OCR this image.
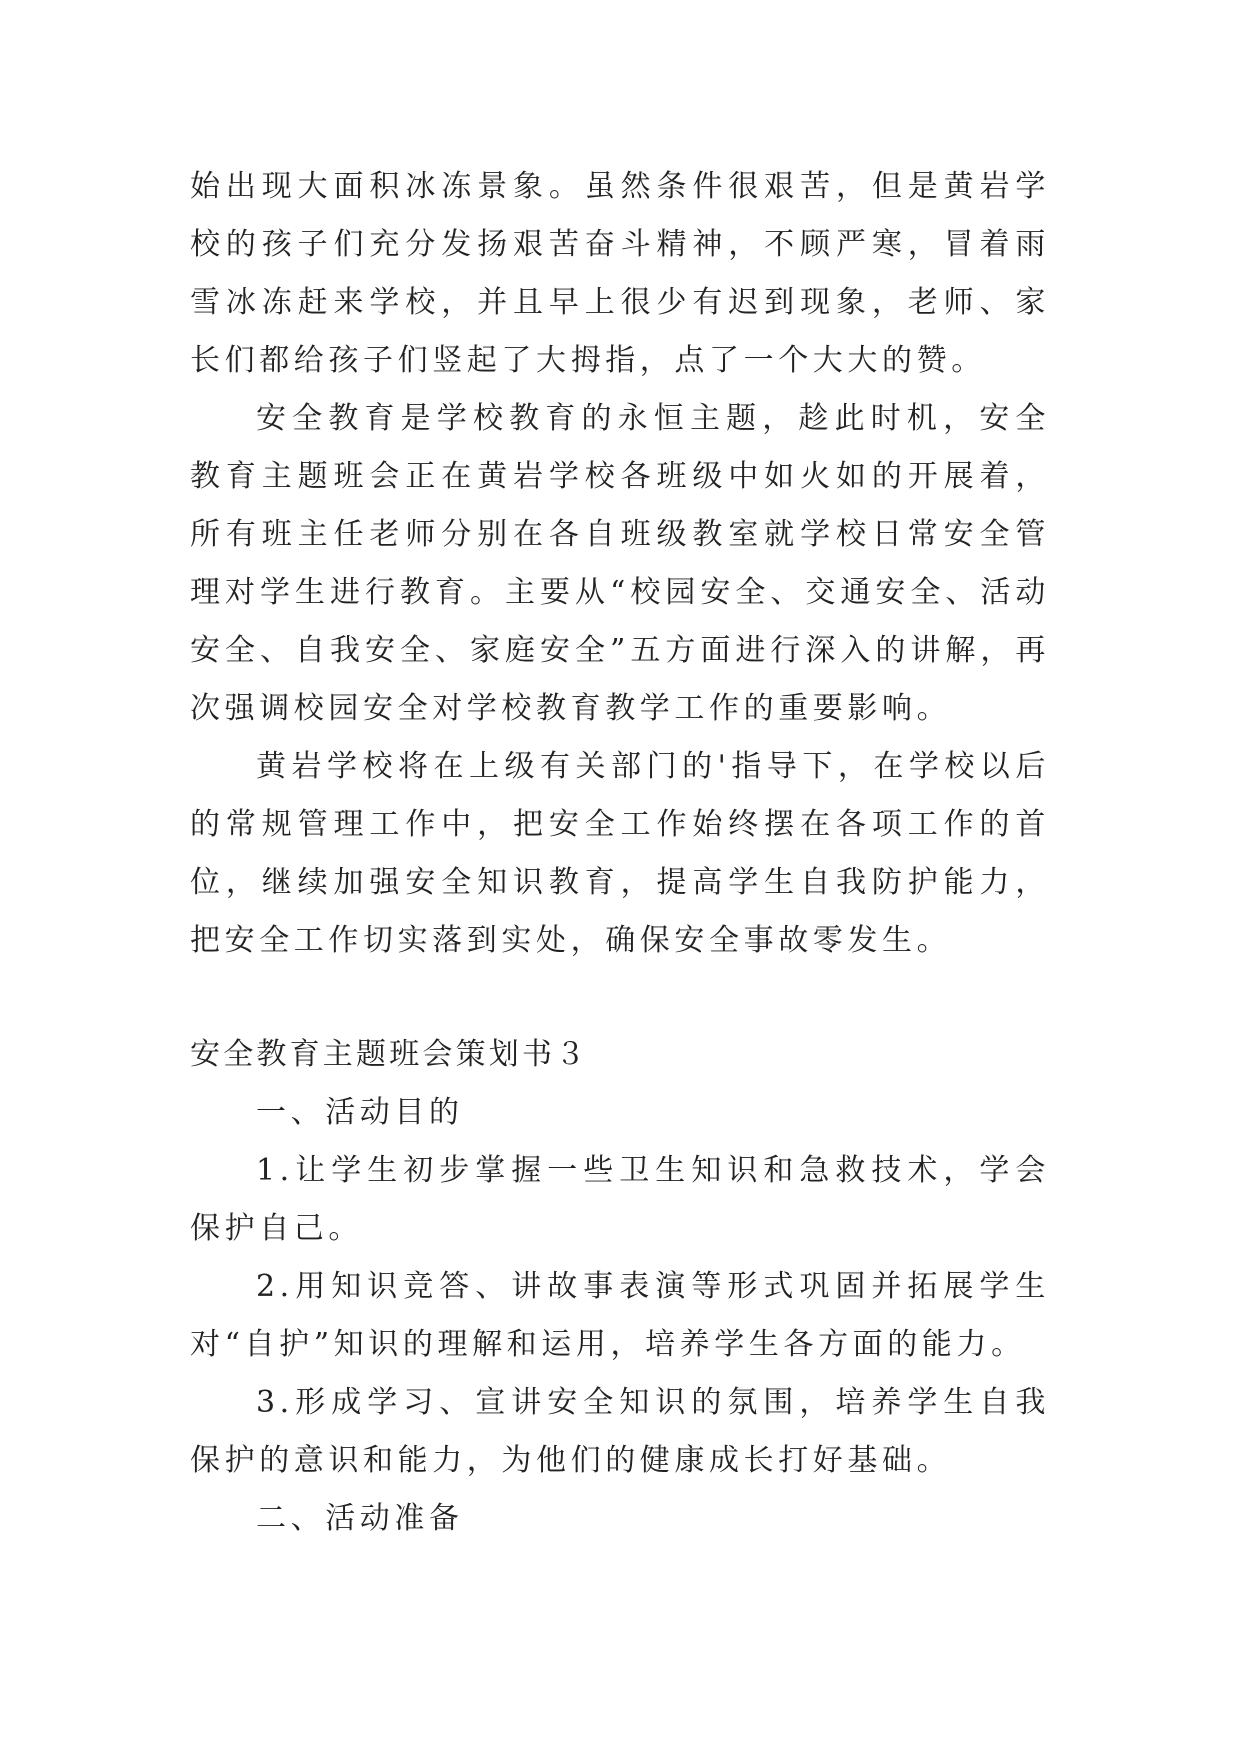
始出现大面积冰冻景象。虽然条件很艰苦，但是黄岩学校的孩子们充分发扬艰苦奋斗精神，不顾严寒，冒着雨雪冰冻赶来学校，并且早上很少有迟到现象，老师、家长们都给孩子们竖起了大拇指，点了一个大大的赞。

安全教育是学校教育的永恒主题，趁此时机，安全教育主题班会正在黄岩学校各班级中如火如的开展着，所有班主任老师分别在各自班级教室就学校日常安全管理对学生进行教育。主要从“校园安全、交通安全、活动安全、自我安全、家庭安全”五方面进行深入的讲解，再次强调校园安全对学校教育教学工作的重要影响。

黄岩学校将在上级有关部门的'指导下，在学校以后的常规管理工作中，把安全工作始终摆在各项工作的首位，继续加强安全知识教育，提高学生自我防护能力，把安全工作切实落到实处，确保安全事故零发生。

安全教育主题班会策划书３

一、活动目的

1.让学生初步掌握一些卫生知识和急救技术，学会保护自己。

2.用知识竞答、讲故事表演等形式巩固并拓展学生对“自护”知识的理解和运用，培养学生各方面的能力。

3.形成学习、宣讲安全知识的氛围，培养学生自我保护的意识和能力，为他们的健康成长打好基础。

二、活动准备
